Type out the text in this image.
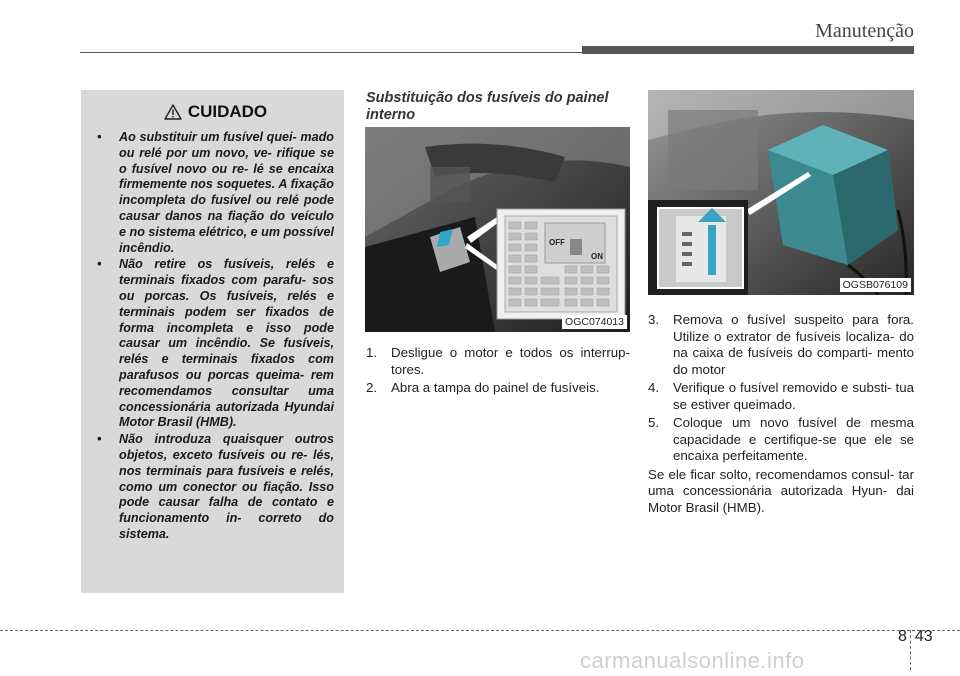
Manutenção
CUIDADO
• Ao substituir um fusível quei- mado ou relé por um novo, ve- rifique se o fusível novo ou re- lé se encaixa firmemente nos soquetes. A fixação incompleta do fusível ou relé pode causar danos na fiação do veículo e no sistema elétrico, e um possível incêndio.
• Não retire os fusíveis, relés e terminais fixados com parafu- sos ou porcas. Os fusíveis, relés e terminais podem ser fixados de forma incompleta e isso pode causar um incêndio. Se fusíveis, relés e terminais fixados com parafusos ou porcas queima- rem recomendamos consultar uma concessionária autorizada Hyundai Motor Brasil (HMB).
• Não introduza quaisquer outros objetos, exceto fusíveis ou re- lés, nos terminais para fusíveis e relés, como um conector ou fiação. Isso pode causar falha de contato e funcionamento in- correto do sistema.
Substituição dos fusíveis do painel interno
OFF
ON
OGC074013
OGSB076109
1. Desligue o motor e todos os interrup- tores.
2. Abra a tampa do painel de fusíveis.
3. Remova o fusível suspeito para fora. Utilize o extrator de fusíveis localiza- do na caixa de fusíveis do comparti- mento do motor
4. Verifique o fusível removido e substi- tua se estiver queimado.
5. Coloque um novo fusível de mesma capacidade e certifique-se que ele se encaixa perfeitamente.
Se ele ficar solto, recomendamos consul- tar uma concessionária autorizada Hyun- dai Motor Brasil (HMB).
8 43
carmanualsonline.info
